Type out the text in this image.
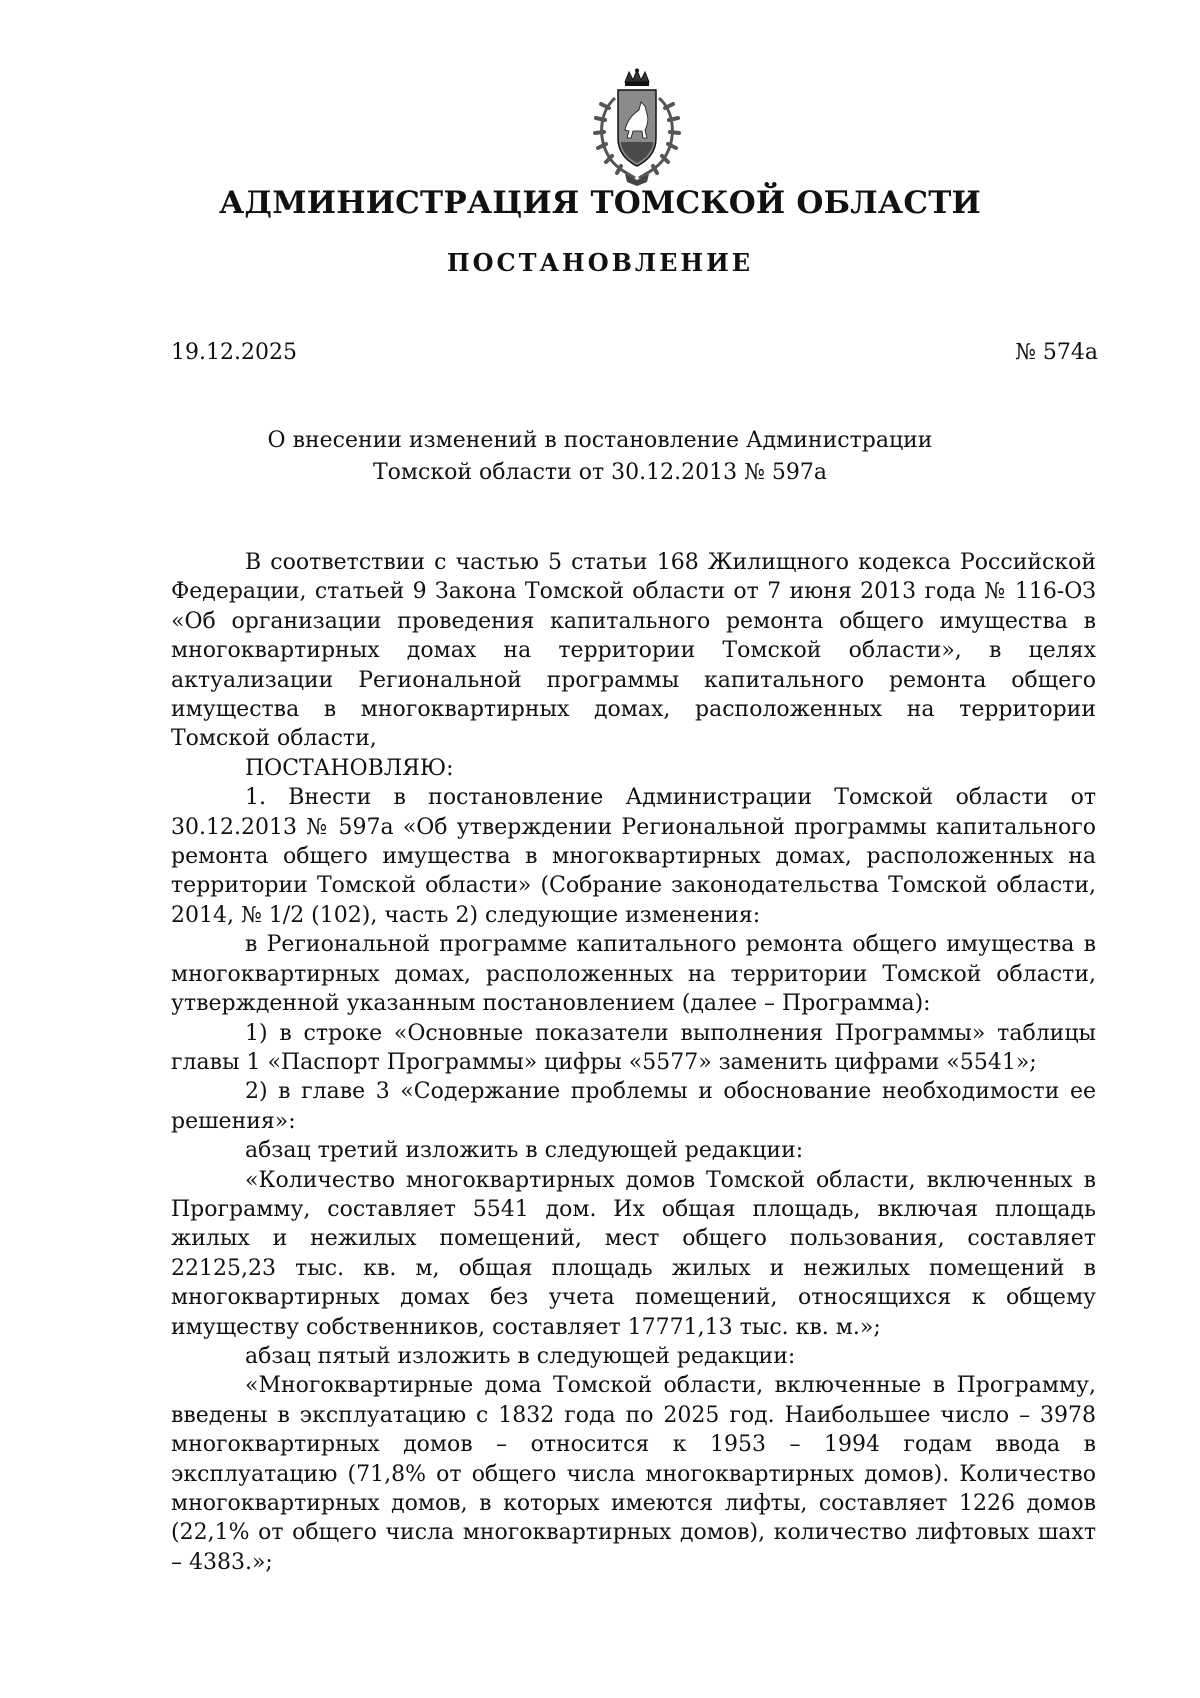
АДМИНИСТРАЦИЯ ТОМСКОЙ ОБЛАСТИ
ПОСТАНОВЛЕНИЕ
19.12.2025	№ 574а
О внесении изменений в постановление Администрации
Томской области от 30.12.2013 № 597а

В соответствии с частью 5 статьи 168 Жилищного кодекса Российской Федерации, статьей 9 Закона Томской области от 7 июня 2013 года № 116-ОЗ «Об организации проведения капитального ремонта общего имущества в многоквартирных домах на территории Томской области», в целях актуализации Региональной программы капитального ремонта общего имущества в многоквартирных домах, расположенных на территории Томской области,

ПОСТАНОВЛЯЮ:

1. Внести в постановление Администрации Томской области от 30.12.2013 № 597а «Об утверждении Региональной программы капитального ремонта общего имущества в многоквартирных домах, расположенных на территории Томской области» (Собрание законодательства Томской области, 2014, № 1/2 (102), часть 2) следующие изменения:

в Региональной программе капитального ремонта общего имущества в многоквартирных домах, расположенных на территории Томской области, утвержденной указанным постановлением (далее – Программа):

1) в строке «Основные показатели выполнения Программы» таблицы главы 1 «Паспорт Программы» цифры «5577» заменить цифрами «5541»;

2) в главе 3 «Содержание проблемы и обоснование необходимости ее решения»:

абзац третий изложить в следующей редакции:

«Количество многоквартирных домов Томской области, включенных в Программу, составляет 5541 дом. Их общая площадь, включая площадь жилых и нежилых помещений, мест общего пользования, составляет 22125,23 тыс. кв. м, общая площадь жилых и нежилых помещений в многоквартирных домах без учета помещений, относящихся к общему имуществу собственников, составляет 17771,13 тыс. кв. м.»;

абзац пятый изложить в следующей редакции:

«Многоквартирные дома Томской области, включенные в Программу, введены в эксплуатацию с 1832 года по 2025 год. Наибольшее число – 3978 многоквартирных домов – относится к 1953 – 1994 годам ввода в эксплуатацию (71,8% от общего числа многоквартирных домов). Количество многоквартирных домов, в которых имеются лифты, составляет 1226 домов (22,1% от общего числа многоквартирных домов), количество лифтовых шахт – 4383.»;
